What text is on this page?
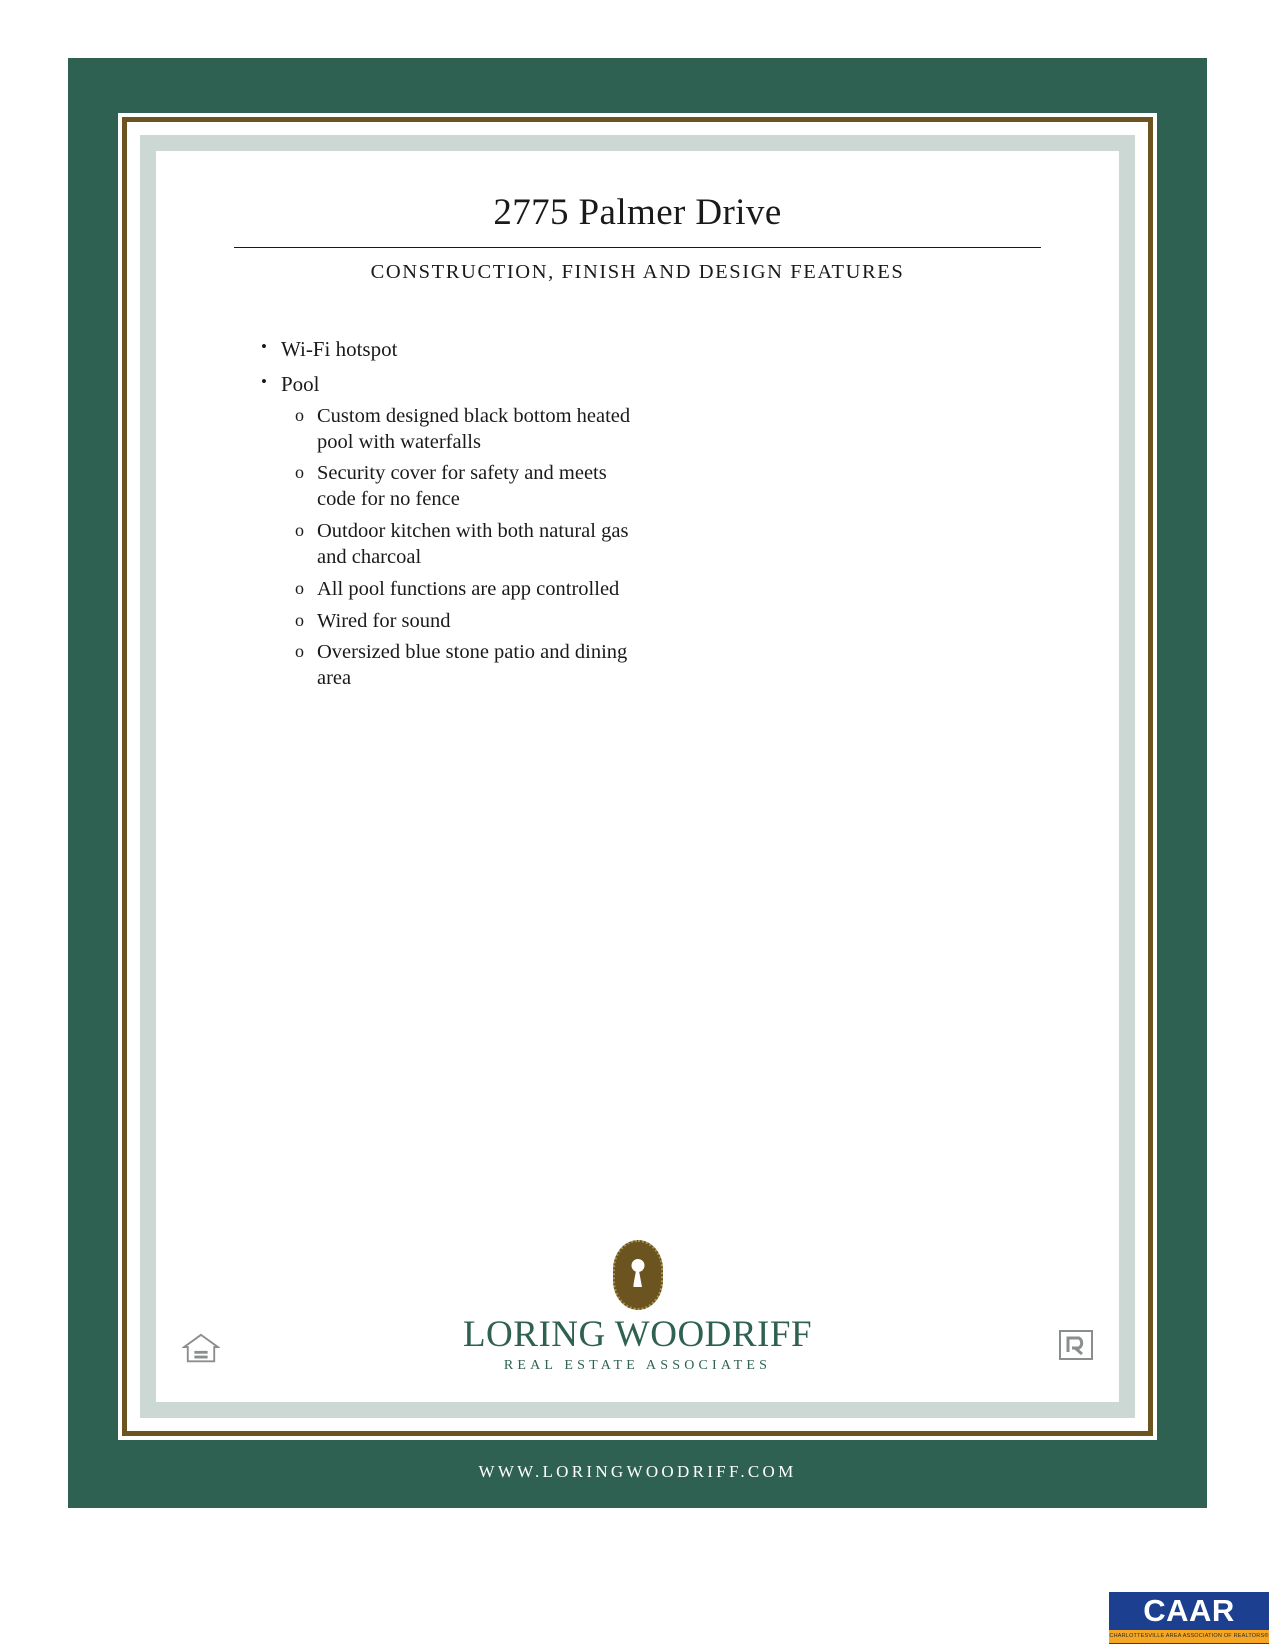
2775 Palmer Drive
CONSTRUCTION, FINISH AND DESIGN FEATURES
• Wi-Fi hotspot
• Pool
o Custom designed black bottom heated pool with waterfalls
o Security cover for safety and meets code for no fence
o Outdoor kitchen with both natural gas and charcoal
o All pool functions are app controlled
o Wired for sound
o Oversized blue stone patio and dining area
LORING WOODRIFF
REAL ESTATE ASSOCIATES
WWW.LORINGWOODRIFF.COM
CAAR
CHARLOTTESVILLE AREA ASSOCIATION OF REALTORS®
